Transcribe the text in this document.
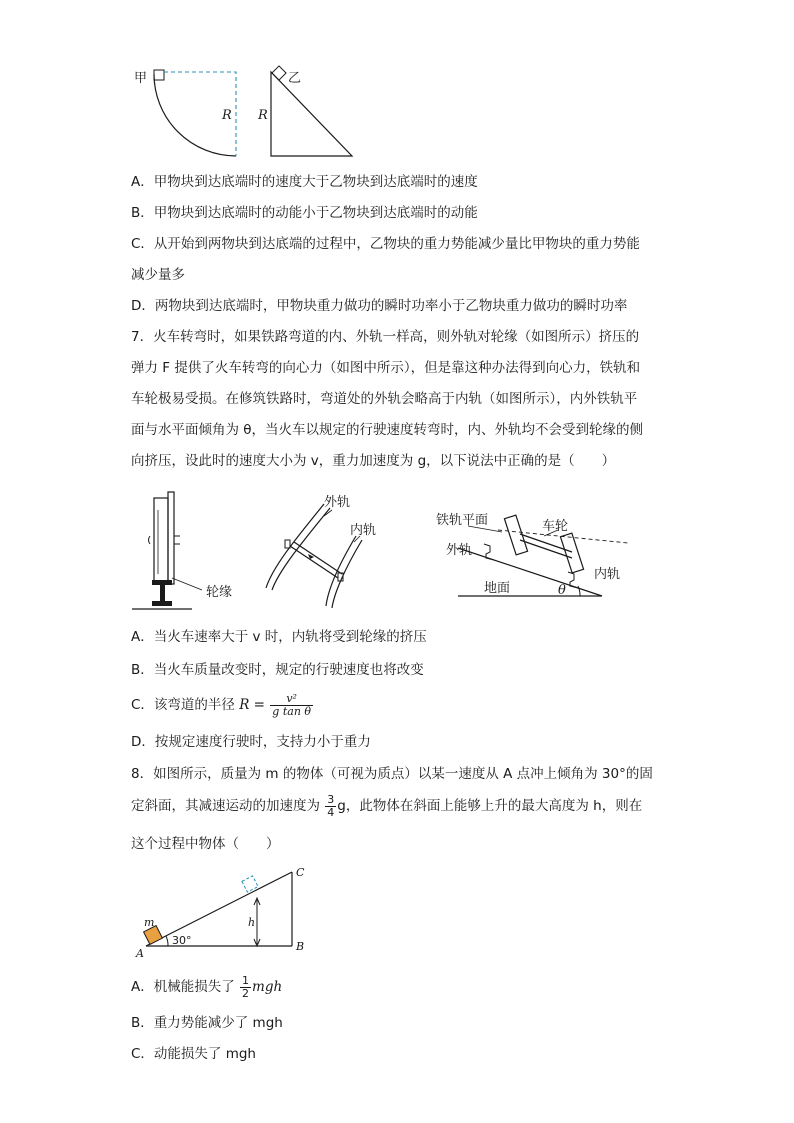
甲
R
乙
R
A．甲物块到达底端时的速度大于乙物块到达底端时的速度
B．甲物块到达底端时的动能小于乙物块到达底端时的动能
C．从开始到两物块到达底端的过程中，乙物块的重力势能减少量比甲物块的重力势能
减少量多
D．两物块到达底端时，甲物块重力做功的瞬时功率小于乙物块重力做功的瞬时功率
7．火车转弯时，如果铁路弯道的内、外轨一样高，则外轨对轮缘（如图所示）挤压的
弹力 F 提供了火车转弯的向心力（如图中所示），但是靠这种办法得到向心力，铁轨和
车轮极易受损。在修筑铁路时，弯道处的外轨会略高于内轨（如图所示），内外铁轨平
面与水平面倾角为 θ，当火车以规定的行驶速度转弯时，内、外轨均不会受到轮缘的侧
向挤压，设此时的速度大小为 v，重力加速度为 g，以下说法中正确的是（　　）
轮缘
外轨
内轨
铁轨平面	车轮
外轨
内轨
地面	θ
A．当火车速率大于 v 时，内轨将受到轮缘的挤压
B．当火车质量改变时，规定的行驶速度也将改变
C．该弯道的半径 $R = \frac{\text{v²}}{\text{g tan θ}}$
D．按规定速度行驶时，支持力小于重力
8．如图所示，质量为 m 的物体（可视为质点）以某一速度从 A 点冲上倾角为 30°的固
定斜面，其减速运动的加速度为 $\frac{3}{4}$ g，此物体在斜面上能够上升的最大高度为 h，则在
这个过程中物体（　　）
m
30°
h
A
B
C
A．机械能损失了 $\frac{1}{2}$ mgh
B．重力势能减少了 mgh
C．动能损失了 mgh
